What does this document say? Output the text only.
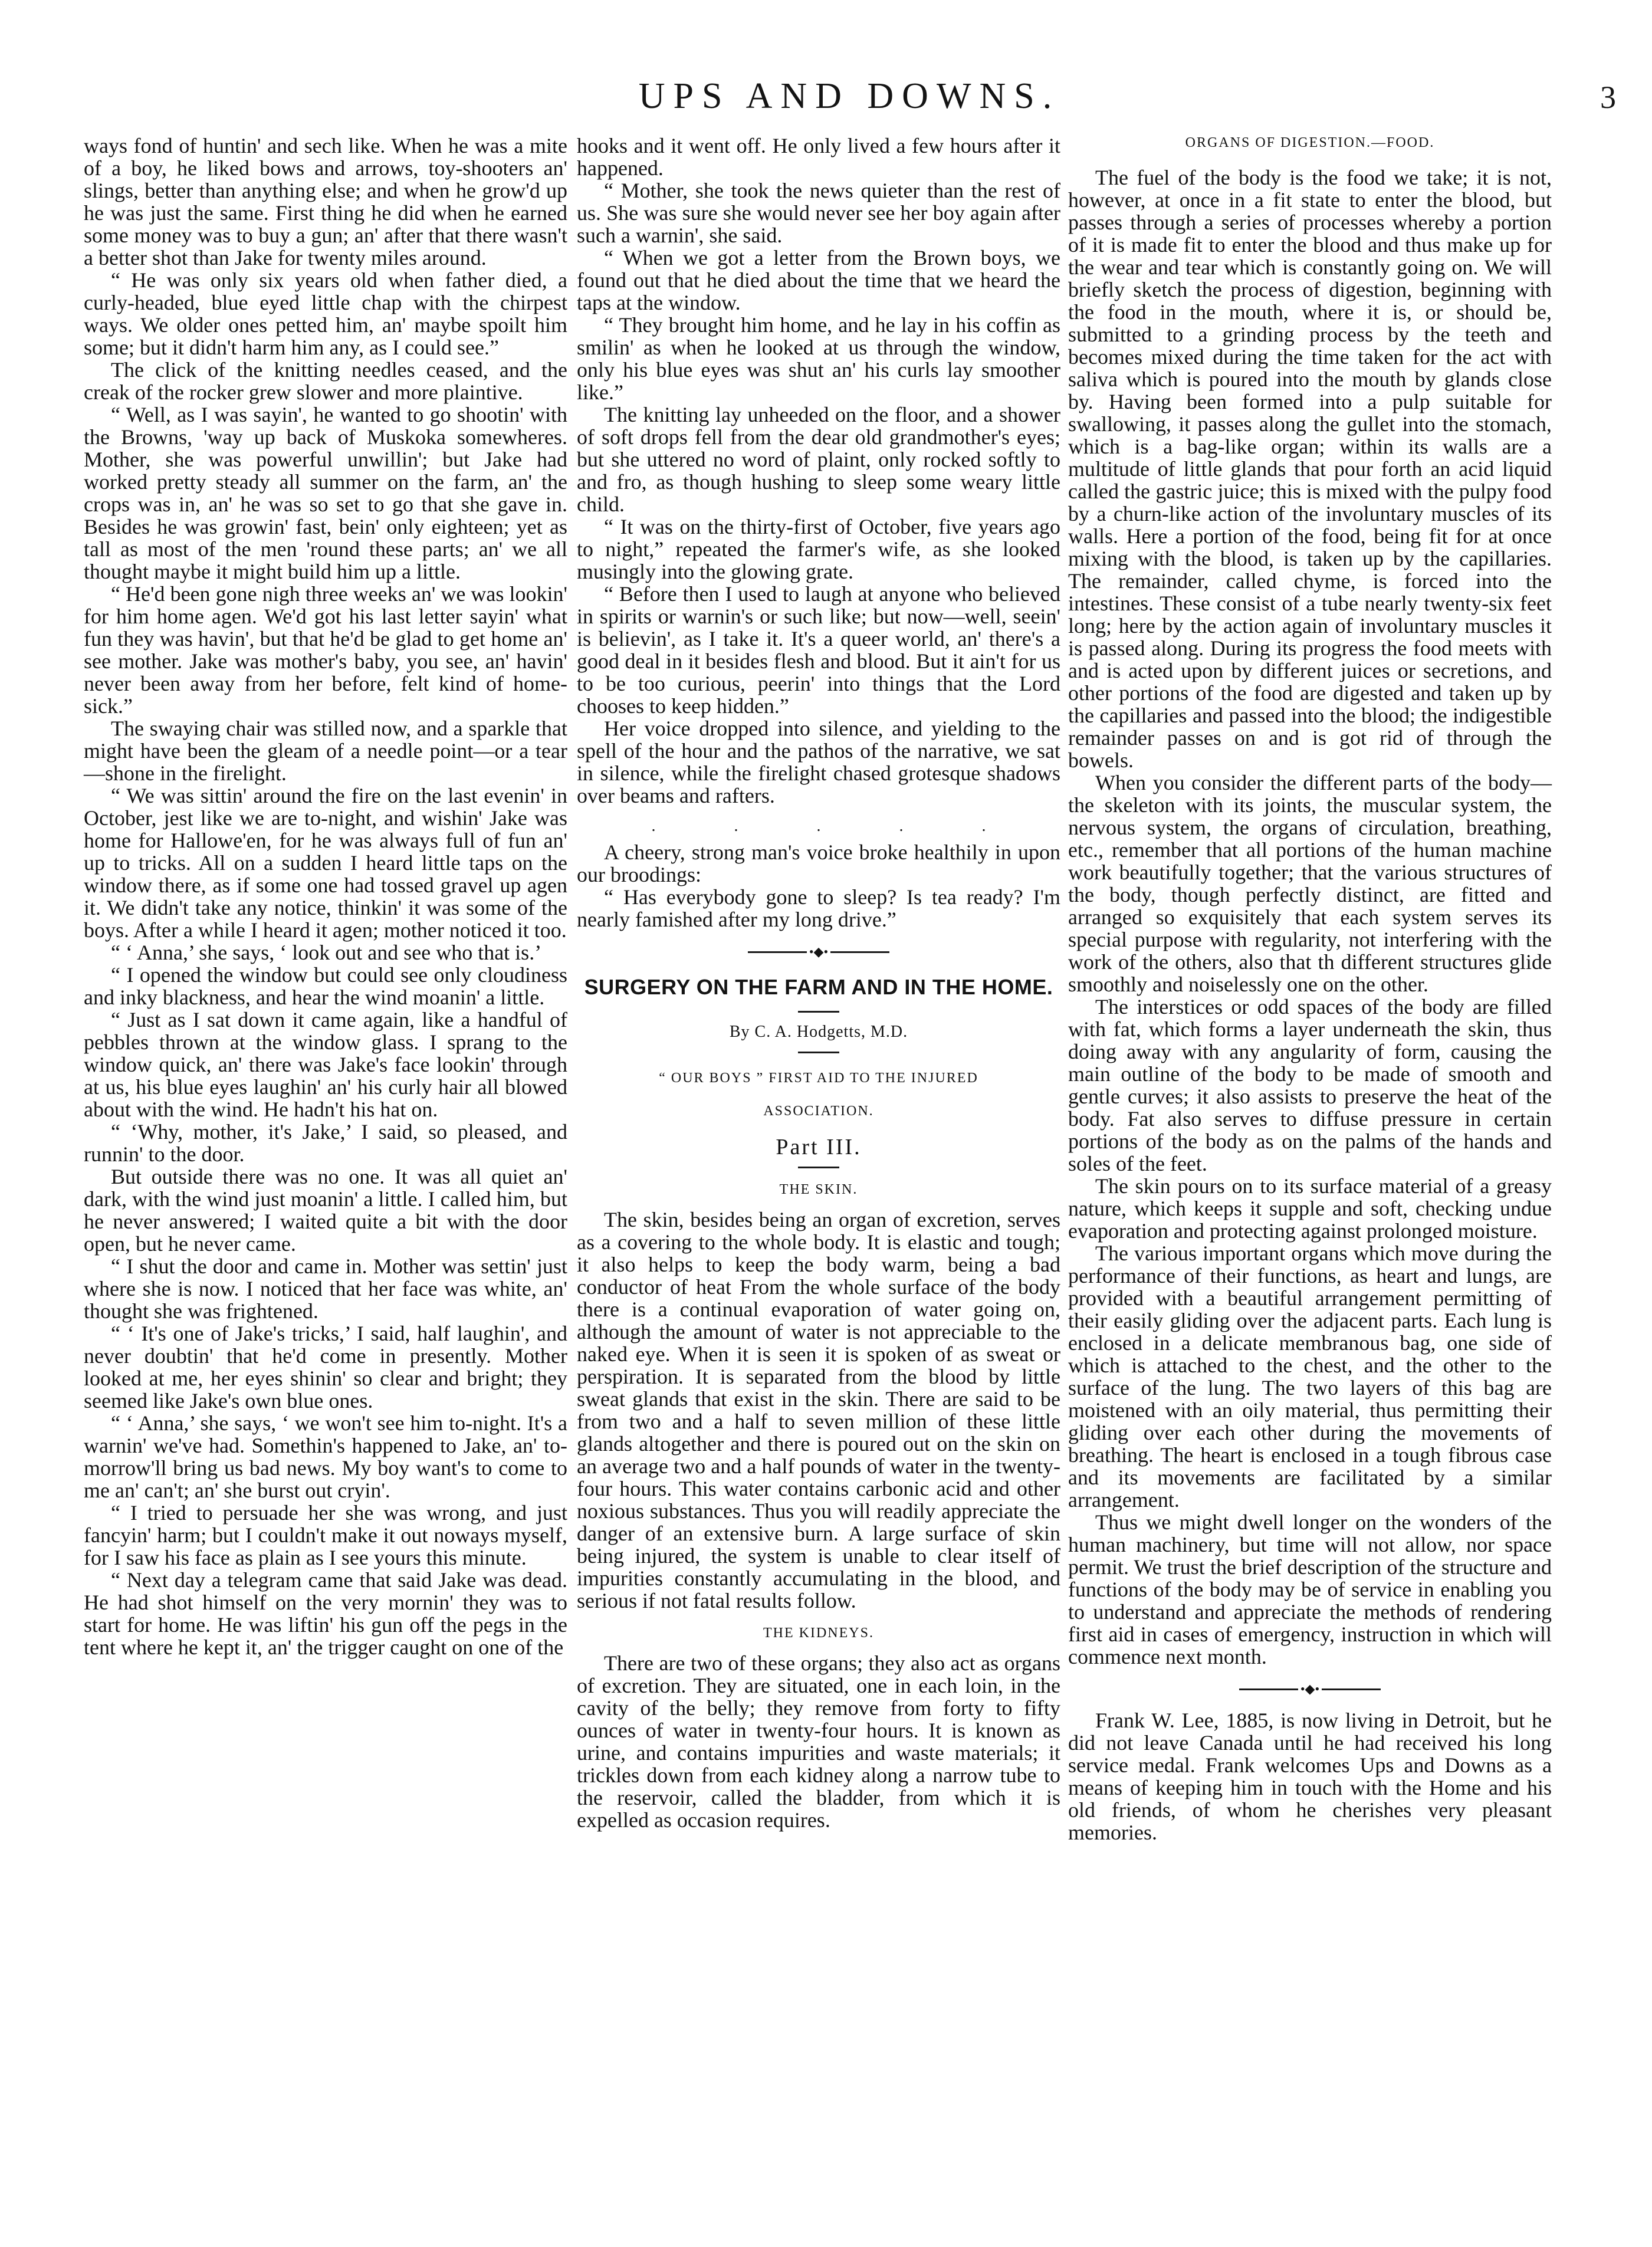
UPS AND DOWNS.	3

ways fond of huntin' and sech like. When he was a mite of a boy, he liked bows and arrows, toy-shooters an' slings, better than anything else; and when he grow'd up he was just the same. First thing he did when he earned some money was to buy a gun; an' after that there wasn't a better shot than Jake for twenty miles around.

“ He was only six years old when father died, a curly-headed, blue eyed little chap with the chirpest ways. We older ones petted him, an' maybe spoilt him some; but it didn't harm him any, as I could see.”

The click of the knitting needles ceased, and the creak of the rocker grew slower and more plaintive.

“ Well, as I was sayin', he wanted to go shootin' with the Browns, 'way up back of Muskoka somewheres. Mother, she was powerful unwillin'; but Jake had worked pretty steady all summer on the farm, an' the crops was in, an' he was so set to go that she gave in. Besides he was growin' fast, bein' only eighteen; yet as tall as most of the men 'round these parts; an' we all thought maybe it might build him up a little.

“ He'd been gone nigh three weeks an' we was lookin' for him home agen. We'd got his last letter sayin' what fun they was havin', but that he'd be glad to get home an' see mother. Jake was mother's baby, you see, an' havin' never been away from her before, felt kind of home-sick.”

The swaying chair was stilled now, and a sparkle that might have been the gleam of a needle point—or a tear—shone in the firelight.

“ We was sittin' around the fire on the last evenin' in October, jest like we are to-night, and wishin' Jake was home for Hallowe'en, for he was always full of fun an' up to tricks. All on a sudden I heard little taps on the window there, as if some one had tossed gravel up agen it. We didn't take any notice, thinkin' it was some of the boys. After a while I heard it agen; mother noticed it too.

“ ‘ Anna,’ she says, ‘ look out and see who that is.’

“ I opened the window but could see only cloudiness and inky blackness, and hear the wind moanin' a little.

“ Just as I sat down it came again, like a handful of pebbles thrown at the window glass. I sprang to the window quick, an' there was Jake's face lookin' through at us, his blue eyes laughin' an' his curly hair all blowed about with the wind. He hadn't his hat on.

“ ‘Why, mother, it's Jake,’ I said, so pleased, and runnin' to the door.

But outside there was no one. It was all quiet an' dark, with the wind just moanin' a little. I called him, but he never answered; I waited quite a bit with the door open, but he never came.

“ I shut the door and came in. Mother was settin' just where she is now. I noticed that her face was white, an' thought she was frightened.

“ ‘ It's one of Jake's tricks,’ I said, half laughin', and never doubtin' that he'd come in presently. Mother looked at me, her eyes shinin' so clear and bright; they seemed like Jake's own blue ones.

“ ‘ Anna,’ she says, ‘ we won't see him to-night. It's a warnin' we've had. Somethin's happened to Jake, an' to-morrow'll bring us bad news. My boy want's to come to me an' can't; an' she burst out cryin'.

“ I tried to persuade her she was wrong, and just fancyin' harm; but I couldn't make it out noways myself, for I saw his face as plain as I see yours this minute.

“ Next day a telegram came that said Jake was dead. He had shot himself on the very mornin' they was to start for home. He was liftin' his gun off the pegs in the tent where he kept it, an' the trigger caught on one of the

hooks and it went off. He only lived a few hours after it happened.

“ Mother, she took the news quieter than the rest of us. She was sure she would never see her boy again after such a warnin', she said.

“ When we got a letter from the Brown boys, we found out that he died about the time that we heard the taps at the window.

“ They brought him home, and he lay in his coffin as smilin' as when he looked at us through the window, only his blue eyes was shut an' his curls lay smoother like.”

The knitting lay unheeded on the floor, and a shower of soft drops fell from the dear old grandmother's eyes; but she uttered no word of plaint, only rocked softly to and fro, as though hushing to sleep some weary little child.

“ It was on the thirty-first of October, five years ago to night,” repeated the farmer's wife, as she looked musingly into the glowing grate.

“ Before then I used to laugh at anyone who believed in spirits or warnin's or such like; but now—well, seein' is believin', as I take it. It's a queer world, an' there's a good deal in it besides flesh and blood. But it ain't for us to be too curious, peerin' into things that the Lord chooses to keep hidden.”

Her voice dropped into silence, and yielding to the spell of the hour and the pathos of the narrative, we sat in silence, while the firelight chased grotesque shadows over beams and rafters.

.	.	.	.	.

A cheery, strong man's voice broke healthily in upon our broodings:

“ Has everybody gone to sleep? Is tea ready? I'm nearly famished after my long drive.”

•◆•
SURGERY ON THE FARM AND IN THE HOME.
By C. A. Hodgetts, M.D.
“ OUR BOYS ” FIRST AID TO THE INJURED
ASSOCIATION.
Part III.
THE SKIN.

The skin, besides being an organ of excretion, serves as a covering to the whole body. It is elastic and tough; it also helps to keep the body warm, being a bad conductor of heat From the whole surface of the body there is a continual evaporation of water going on, although the amount of water is not appreciable to the naked eye. When it is seen it is spoken of as sweat or perspiration. It is separated from the blood by little sweat glands that exist in the skin. There are said to be from two and a half to seven million of these little glands altogether and there is poured out on the skin on an average two and a half pounds of water in the twenty-four hours. This water contains carbonic acid and other noxious substances. Thus you will readily appreciate the danger of an extensive burn. A large surface of skin being injured, the system is unable to clear itself of impurities constantly accumulating in the blood, and serious if not fatal results follow.

THE KIDNEYS.

There are two of these organs; they also act as organs of excretion. They are situated, one in each loin, in the cavity of the belly; they remove from forty to fifty ounces of water in twenty-four hours. It is known as urine, and contains impurities and waste materials; it trickles down from each kidney along a narrow tube to the reservoir, called the bladder, from which it is expelled as occasion requires.

ORGANS OF DIGESTION.—FOOD.

The fuel of the body is the food we take; it is not, however, at once in a fit state to enter the blood, but passes through a series of processes whereby a portion of it is made fit to enter the blood and thus make up for the wear and tear which is constantly going on. We will briefly sketch the process of digestion, beginning with the food in the mouth, where it is, or should be, submitted to a grinding process by the teeth and becomes mixed during the time taken for the act with saliva which is poured into the mouth by glands close by. Having been formed into a pulp suitable for swallowing, it passes along the gullet into the stomach, which is a bag-like organ; within its walls are a multitude of little glands that pour forth an acid liquid called the gastric juice; this is mixed with the pulpy food by a churn-like action of the involuntary muscles of its walls. Here a portion of the food, being fit for at once mixing with the blood, is taken up by the capillaries. The remainder, called chyme, is forced into the intestines. These consist of a tube nearly twenty-six feet long; here by the action again of involuntary muscles it is passed along. During its progress the food meets with and is acted upon by different juices or secretions, and other portions of the food are digested and taken up by the capillaries and passed into the blood; the indigestible remainder passes on and is got rid of through the bowels.

When you consider the different parts of the body—the skeleton with its joints, the muscular system, the nervous system, the organs of circulation, breathing, etc., remember that all portions of the human machine work beautifully together; that the various structures of the body, though perfectly distinct, are fitted and arranged so exquisitely that each system serves its special purpose with regularity, not interfering with the work of the others, also that th different structures glide smoothly and noiselessly one on the other.

The interstices or odd spaces of the body are filled with fat, which forms a layer underneath the skin, thus doing away with any angularity of form, causing the main outline of the body to be made of smooth and gentle curves; it also assists to preserve the heat of the body. Fat also serves to diffuse pressure in certain portions of the body as on the palms of the hands and soles of the feet.

The skin pours on to its surface material of a greasy nature, which keeps it supple and soft, checking undue evaporation and protecting against prolonged moisture.

The various important organs which move during the performance of their functions, as heart and lungs, are provided with a beautiful arrangement permitting of their easily gliding over the adjacent parts. Each lung is enclosed in a delicate membranous bag, one side of which is attached to the chest, and the other to the surface of the lung. The two layers of this bag are moistened with an oily material, thus permitting their gliding over each other during the movements of breathing. The heart is enclosed in a tough fibrous case and its movements are facilitated by a similar arrangement.

Thus we might dwell longer on the wonders of the human machinery, but time will not allow, nor space permit. We trust the brief description of the structure and functions of the body may be of service in enabling you to understand and appreciate the methods of rendering first aid in cases of emergency, instruction in which will commence next month.

•◆•

Frank W. Lee, 1885, is now living in Detroit, but he did not leave Canada until he had received his long service medal. Frank welcomes Ups and Downs as a means of keeping him in touch with the Home and his old friends, of whom he cherishes very pleasant memories.
